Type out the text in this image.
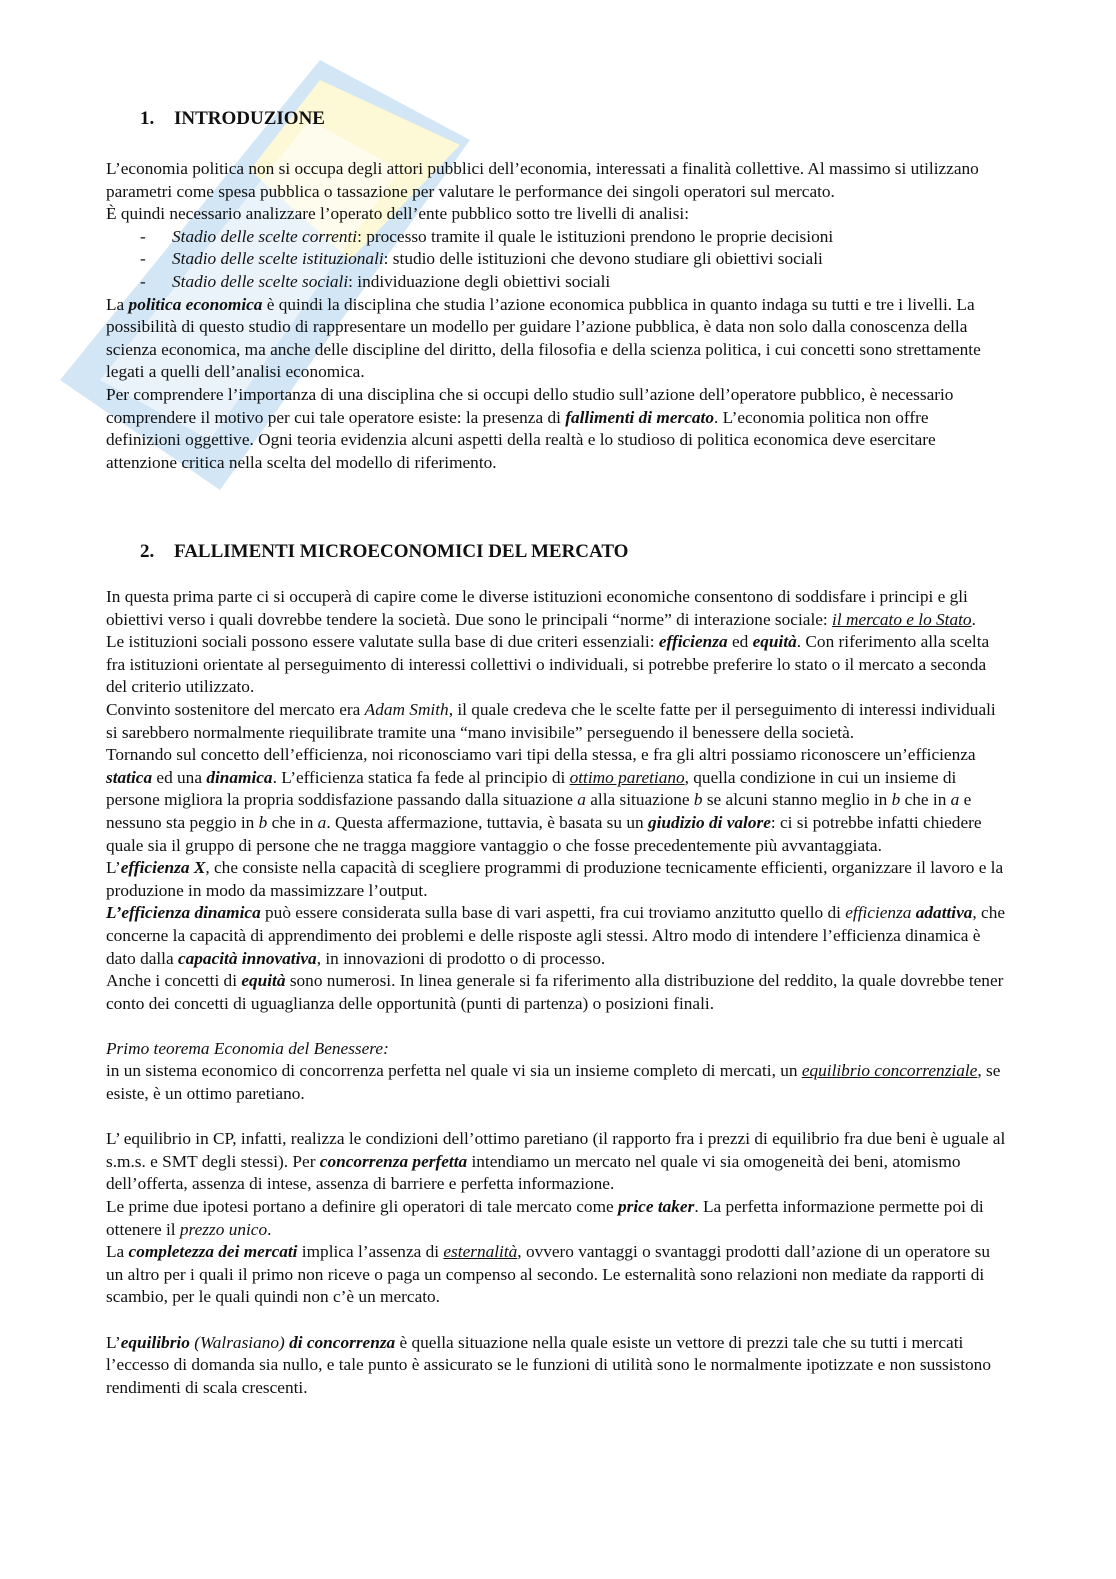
1. INTRODUZIONE

L’economia politica non si occupa degli attori pubblici dell’economia, interessati a finalità collettive. Al massimo si utilizzano parametri come spesa pubblica o tassazione per valutare le performance dei singoli operatori sul mercato.

È quindi necessario analizzare l’operato dell’ente pubblico sotto tre livelli di analisi:

- Stadio delle scelte correnti: processo tramite il quale le istituzioni prendono le proprie decisioni
- Stadio delle scelte istituzionali: studio delle istituzioni che devono studiare gli obiettivi sociali
- Stadio delle scelte sociali: individuazione degli obiettivi sociali

La politica economica è quindi la disciplina che studia l’azione economica pubblica in quanto indaga su tutti e tre i livelli. La possibilità di questo studio di rappresentare un modello per guidare l’azione pubblica, è data non solo dalla conoscenza della scienza economica, ma anche delle discipline del diritto, della filosofia e della scienza politica, i cui concetti sono strettamente legati a quelli dell’analisi economica.

Per comprendere l’importanza di una disciplina che si occupi dello studio sull’azione dell’operatore pubblico, è necessario comprendere il motivo per cui tale operatore esiste: la presenza di fallimenti di mercato. L’economia politica non offre definizioni oggettive. Ogni teoria evidenzia alcuni aspetti della realtà e lo studioso di politica economica deve esercitare attenzione critica nella scelta del modello di riferimento.

2. FALLIMENTI MICROECONOMICI DEL MERCATO

In questa prima parte ci si occuperà di capire come le diverse istituzioni economiche consentono di soddisfare i principi e gli obiettivi verso i quali dovrebbe tendere la società. Due sono le principali “norme” di interazione sociale: il mercato e lo Stato.

Le istituzioni sociali possono essere valutate sulla base di due criteri essenziali: efficienza ed equità. Con riferimento alla scelta fra istituzioni orientate al perseguimento di interessi collettivi o individuali, si potrebbe preferire lo stato o il mercato a seconda del criterio utilizzato.

Convinto sostenitore del mercato era Adam Smith, il quale credeva che le scelte fatte per il perseguimento di interessi individuali si sarebbero normalmente riequilibrate tramite una “mano invisibile” perseguendo il benessere della società.

Tornando sul concetto dell’efficienza, noi riconosciamo vari tipi della stessa, e fra gli altri possiamo riconoscere un’efficienza statica ed una dinamica. L’efficienza statica fa fede al principio di ottimo paretiano, quella condizione in cui un insieme di persone migliora la propria soddisfazione passando dalla situazione a alla situazione b se alcuni stanno meglio in b che in a e nessuno sta peggio in b che in a. Questa affermazione, tuttavia, è basata su un giudizio di valore: ci si potrebbe infatti chiedere quale sia il gruppo di persone che ne tragga maggiore vantaggio o che fosse precedentemente più avvantaggiata.

L’efficienza X, che consiste nella capacità di scegliere programmi di produzione tecnicamente efficienti, organizzare il lavoro e la produzione in modo da massimizzare l’output.

L’efficienza dinamica può essere considerata sulla base di vari aspetti, fra cui troviamo anzitutto quello di efficienza adattiva, che concerne la capacità di apprendimento dei problemi e delle risposte agli stessi. Altro modo di intendere l’efficienza dinamica è dato dalla capacità innovativa, in innovazioni di prodotto o di processo.

Anche i concetti di equità sono numerosi. In linea generale si fa riferimento alla distribuzione del reddito, la quale dovrebbe tener conto dei concetti di uguaglianza delle opportunità (punti di partenza) o posizioni finali.

Primo teorema Economia del Benessere:

in un sistema economico di concorrenza perfetta nel quale vi sia un insieme completo di mercati, un equilibrio concorrenziale, se esiste, è un ottimo paretiano.

L’ equilibrio in CP, infatti, realizza le condizioni dell’ottimo paretiano (il rapporto fra i prezzi di equilibrio fra due beni è uguale al s.m.s. e SMT degli stessi). Per concorrenza perfetta intendiamo un mercato nel quale vi sia omogeneità dei beni, atomismo dell’offerta, assenza di intese, assenza di barriere e perfetta informazione.

Le prime due ipotesi portano a definire gli operatori di tale mercato come price taker. La perfetta informazione permette poi di ottenere il prezzo unico.

La completezza dei mercati implica l’assenza di esternalità, ovvero vantaggi o svantaggi prodotti dall’azione di un operatore su un altro per i quali il primo non riceve o paga un compenso al secondo. Le esternalità sono relazioni non mediate da rapporti di scambio, per le quali quindi non c’è un mercato.

L’equilibrio (Walrasiano) di concorrenza è quella situazione nella quale esiste un vettore di prezzi tale che su tutti i mercati l’eccesso di domanda sia nullo, e tale punto è assicurato se le funzioni di utilità sono le normalmente ipotizzate e non sussistono rendimenti di scala crescenti.
